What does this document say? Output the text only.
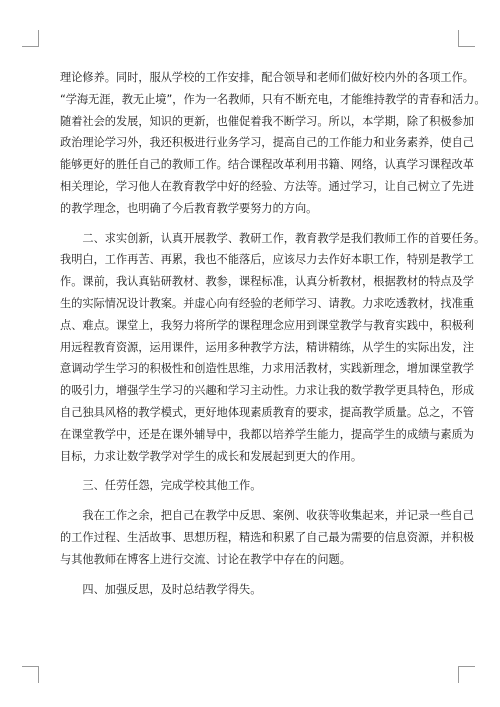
理论修养。同时，服从学校的工作安排，配合领导和老师们做好校内外的各项工作。
“学海无涯，教无止境”，作为一名教师，只有不断充电，才能维持教学的青春和活力。
随着社会的发展，知识的更新，也催促着我不断学习。所以，本学期，除了积极参加
政治理论学习外，我还积极进行业务学习，提高自己的工作能力和业务素养，使自己
能够更好的胜任自己的教师工作。结合课程改革利用书籍、网络，认真学习课程改革
相关理论，学习他人在教育教学中好的经验、方法等。通过学习，让自己树立了先进
的教学理念，也明确了今后教育教学要努力的方向。
　　二、求实创新，认真开展教学、教研工作，教育教学是我们教师工作的首要任务。
我明白，工作再苦、再累，我也不能落后，应该尽力去作好本职工作，特别是教学工
作。课前，我认真钻研教材、教参，课程标准，认真分析教材，根据教材的特点及学
生的实际情况设计教案。并虚心向有经验的老师学习、请教。力求吃透教材，找准重
点、难点。课堂上，我努力将所学的课程理念应用到课堂教学与教育实践中，积极利
用远程教育资源，运用课件，运用多种教学方法，精讲精练，从学生的实际出发，注
意调动学生学习的积极性和创造性思维，力求用活教材，实践新理念，增加课堂教学
的吸引力，增强学生学习的兴趣和学习主动性。力求让我的数学教学更具特色，形成
自己独具风格的教学模式，更好地体现素质教育的要求，提高教学质量。总之，不管
在课堂教学中，还是在课外辅导中，我都以培养学生能力，提高学生的成绩与素质为
目标，力求让数学教学对学生的成长和发展起到更大的作用。
　　三、任劳任怨，完成学校其他工作。
　　我在工作之余，把自己在教学中反思、案例、收获等收集起来，并记录一些自己
的工作过程、生活故事、思想历程，精选和积累了自己最为需要的信息资源，并积极
与其他教师在博客上进行交流、讨论在教学中存在的问题。
　　四、加强反思，及时总结教学得失。
